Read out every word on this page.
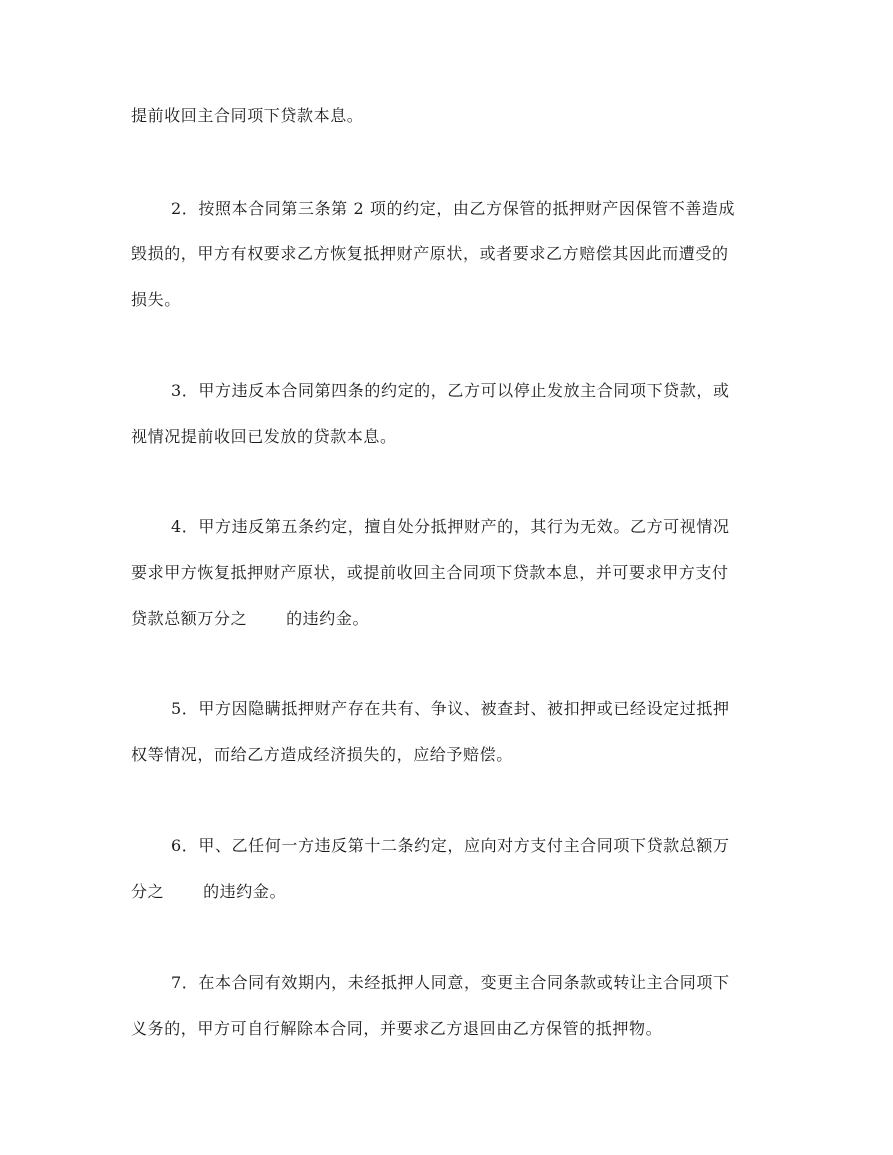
提前收回主合同项下贷款本息。
2．按照本合同第三条第 2 项的约定，由乙方保管的抵押财产因保管不善造成
毁损的，甲方有权要求乙方恢复抵押财产原状，或者要求乙方赔偿其因此而遭受的
损失。
3．甲方违反本合同第四条的约定的，乙方可以停止发放主合同项下贷款，或
视情况提前收回已发放的贷款本息。
4．甲方违反第五条约定，擅自处分抵押财产的，其行为无效。乙方可视情况
要求甲方恢复抵押财产原状，或提前收回主合同项下贷款本息，并可要求甲方支付
贷款总额万分之　　 的违约金。
5．甲方因隐瞒抵押财产存在共有、争议、被查封、被扣押或已经设定过抵押
权等情况，而给乙方造成经济损失的，应给予赔偿。
6．甲、乙任何一方违反第十二条约定，应向对方支付主合同项下贷款总额万
分之　　 的违约金。
7．在本合同有效期内，未经抵押人同意，变更主合同条款或转让主合同项下
义务的，甲方可自行解除本合同，并要求乙方退回由乙方保管的抵押物。
